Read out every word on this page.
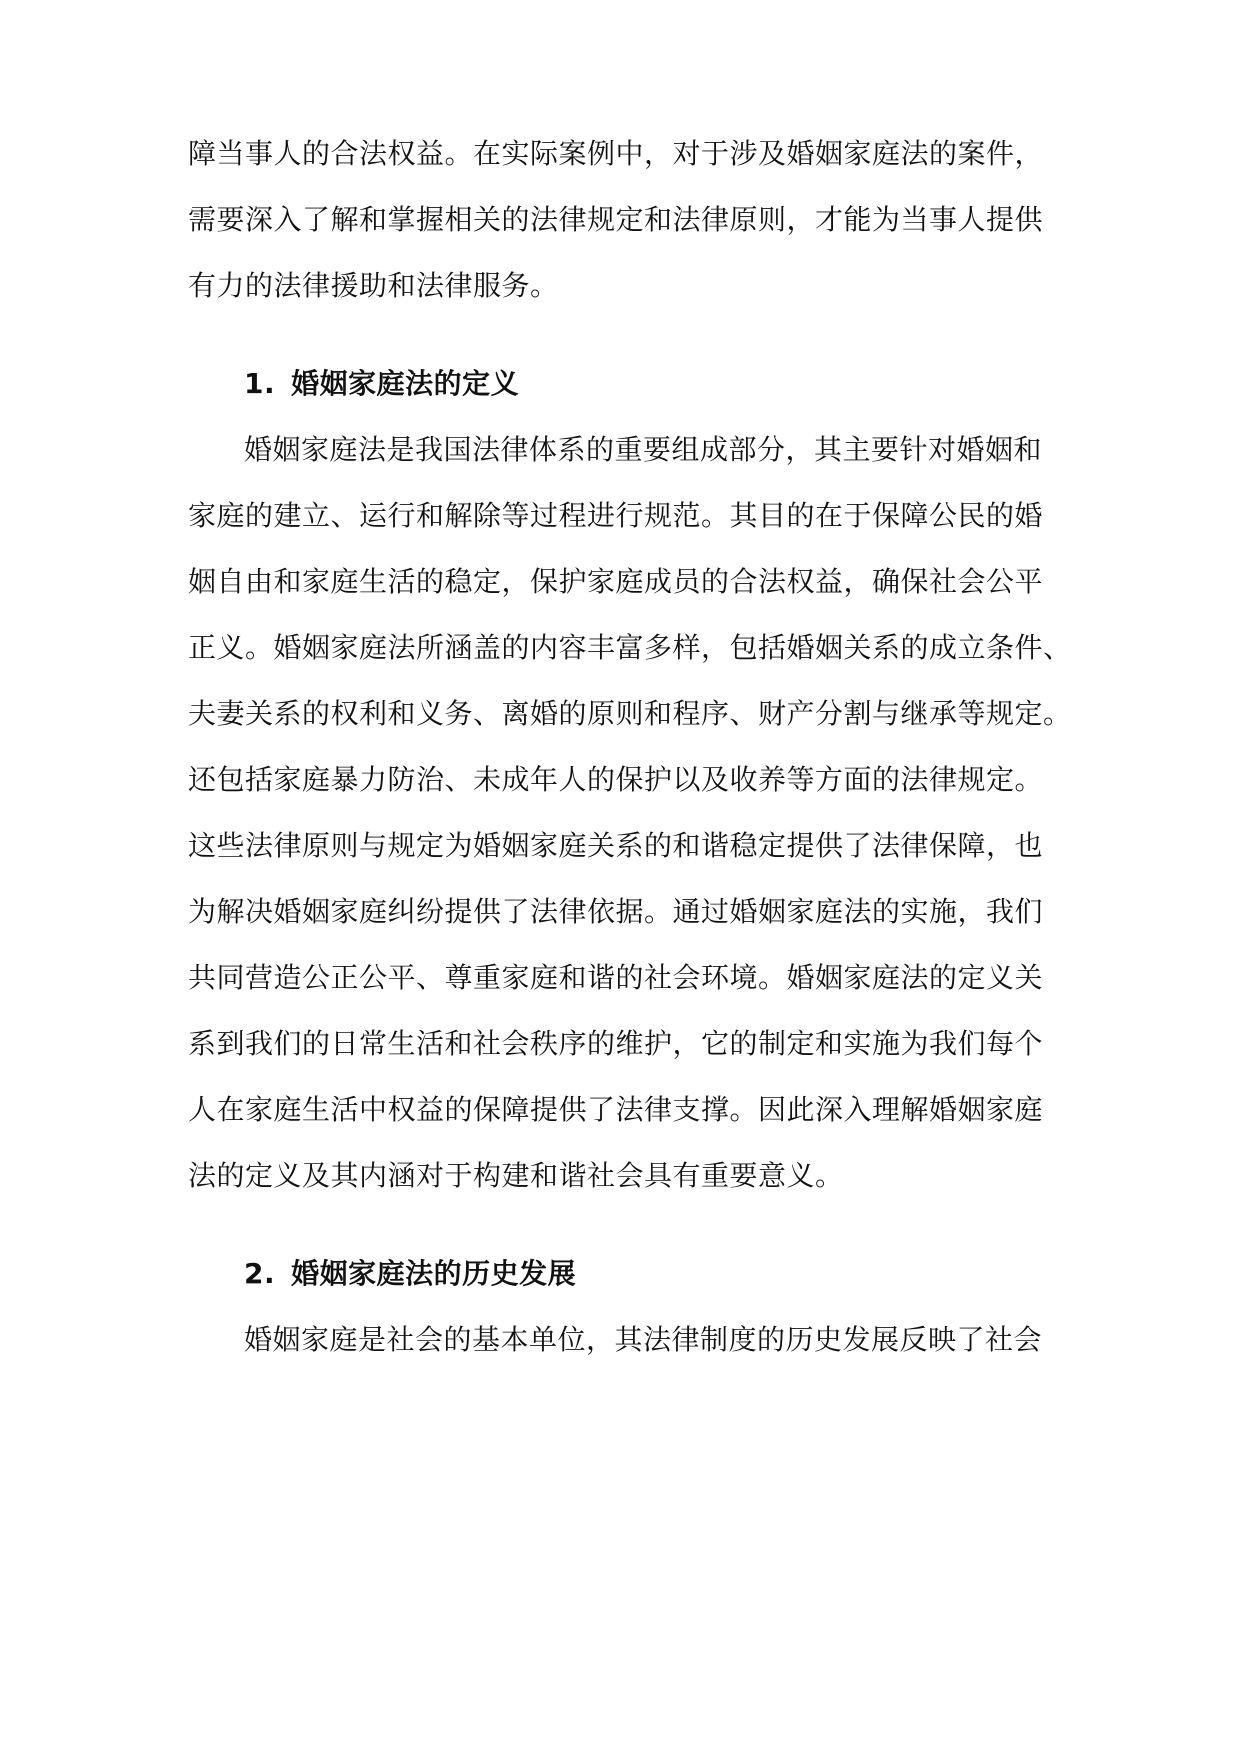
障当事人的合法权益。在实际案例中，对于涉及婚姻家庭法的案件，
需要深入了解和掌握相关的法律规定和法律原则，才能为当事人提供
有力的法律援助和法律服务。
1. 婚姻家庭法的定义
婚姻家庭法是我国法律体系的重要组成部分，其主要针对婚姻和
家庭的建立、运行和解除等过程进行规范。其目的在于保障公民的婚
姻自由和家庭生活的稳定，保护家庭成员的合法权益，确保社会公平
正义。婚姻家庭法所涵盖的内容丰富多样，包括婚姻关系的成立条件、
夫妻关系的权利和义务、离婚的原则和程序、财产分割与继承等规定。
还包括家庭暴力防治、未成年人的保护以及收养等方面的法律规定。
这些法律原则与规定为婚姻家庭关系的和谐稳定提供了法律保障，也
为解决婚姻家庭纠纷提供了法律依据。通过婚姻家庭法的实施，我们
共同营造公正公平、尊重家庭和谐的社会环境。婚姻家庭法的定义关
系到我们的日常生活和社会秩序的维护，它的制定和实施为我们每个
人在家庭生活中权益的保障提供了法律支撑。因此深入理解婚姻家庭
法的定义及其内涵对于构建和谐社会具有重要意义。
2. 婚姻家庭法的历史发展
婚姻家庭是社会的基本单位，其法律制度的历史发展反映了社会
